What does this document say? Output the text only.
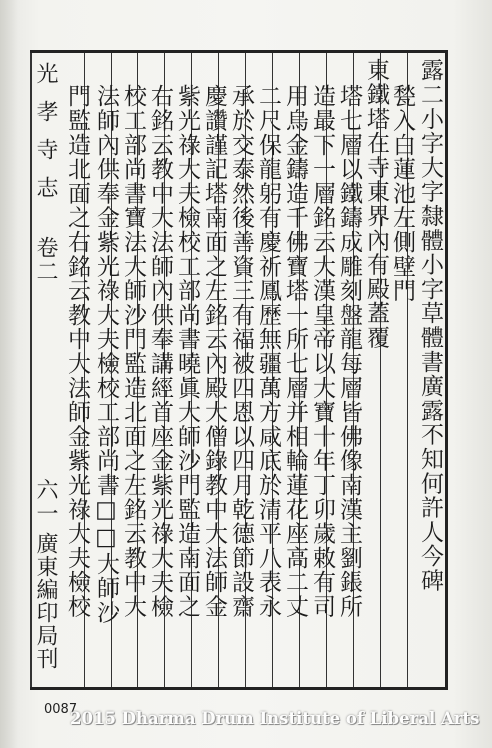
光孝寺志
卷二
六一
廣東編印局刊
露二小字大字隸體小字草體書廣露不知何許人今碑
甃入白蓮池左側壁門
東鐵塔在寺東界內有殿蓋覆
塔七層以鐵鑄成雕刻盤龍每層皆佛像南漢主劉鋹所
造最下一層銘云大漢皇帝以大寶十年丁卯歲敕有司
用烏金鑄造千佛寶塔一所七層并相輪蓮花座高二丈
二尺保龍躬有慶祈鳳歷無疆萬方咸底於清平八表永
承於交泰然後善資三有福被四恩以四月乾德節設齋
慶讚謹記塔南面之左銘云內殿大僧錄教中大法師金
紫光祿大夫檢校工部尚書曉眞大師沙門監造南面之
右銘云教中大法師內供奉講經首座金紫光祿大夫檢
校工部尚書寶法大師沙門監造北面之左銘云教中大
法師內供奉金紫光祿大夫檢校工部尚書□□大師沙
門監造北面之右銘云教中大法師金紫光祿大夫檢校
0087
2015 Dharma Drum Institute of Liberal Arts
